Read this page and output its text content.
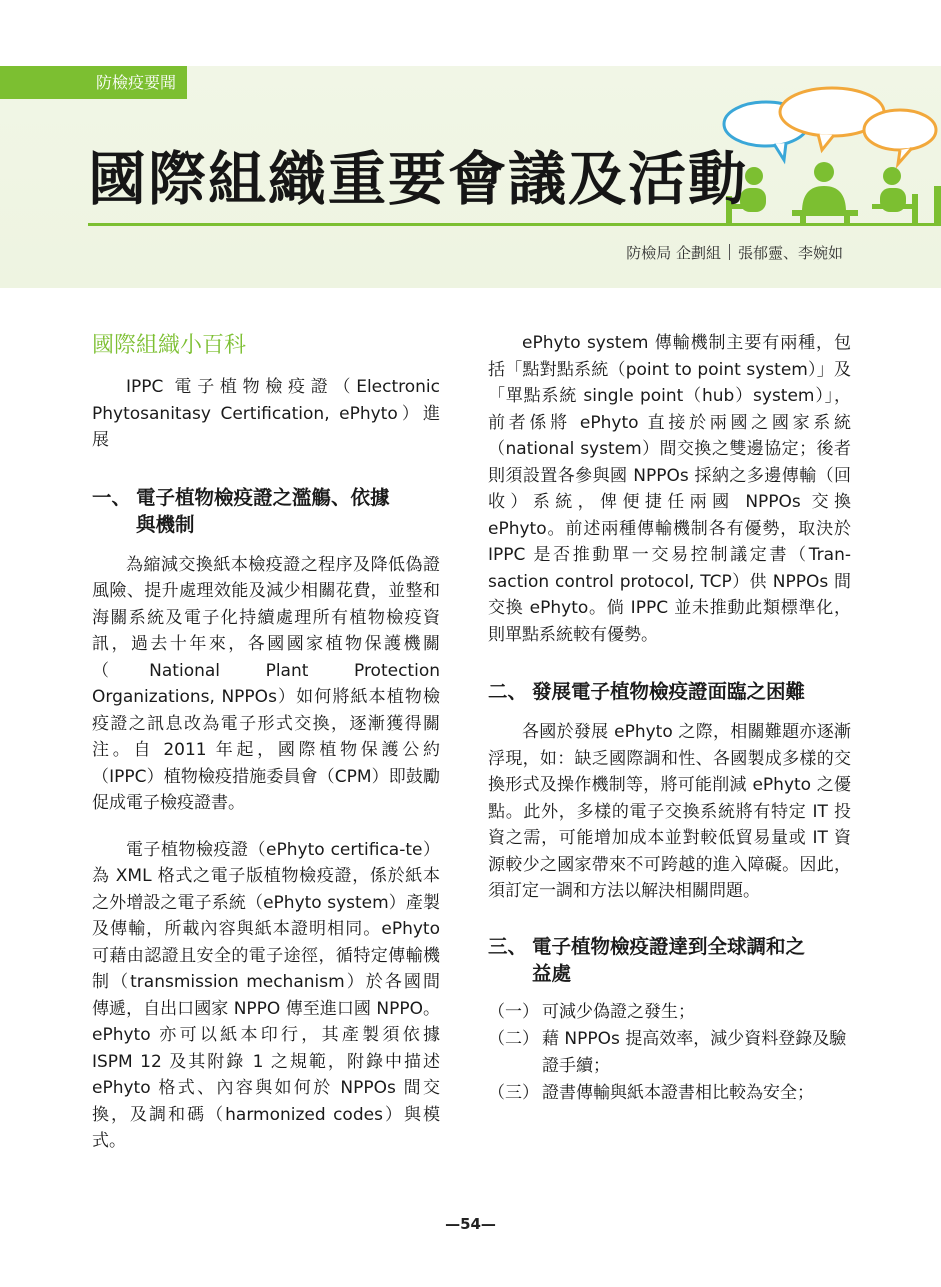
防檢疫要聞
國際組織重要會議及活動
防檢局 企劃組 張郁靈、李婉如
國際組織小百科

IPPC 電子植物檢疫證（Electronic Phytosanitasy Certification, ePhyto）進展

一、 電子植物檢疫證之濫觴、依據
與機制

為縮減交換紙本檢疫證之程序及降低偽證風險、提升處理效能及減少相關花費，並整和海關系統及電子化持續處理所有植物檢疫資訊，過去十年來，各國國家植物保護機關（National Plant Protection Organizations, NPPOs）如何將紙本植物檢疫證之訊息改為電子形式交換，逐漸獲得關注。自 2011 年起，國際植物保護公約（IPPC）植物檢疫措施委員會（CPM）即鼓勵促成電子檢疫證書。

電子植物檢疫證（ePhyto certifica-te）為 XML 格式之電子版植物檢疫證，係於紙本之外增設之電子系統（ePhyto system）產製及傳輸，所載內容與紙本證明相同。ePhyto 可藉由認證且安全的電子途徑，循特定傳輸機制（transmission mechanism）於各國間傳遞，自出口國家 NPPO 傳至進口國 NPPO。ePhyto 亦可以紙本印行，其產製須依據 ISPM 12 及其附錄 1 之規範，附錄中描述 ePhyto 格式、內容與如何於 NPPOs 間交換，及調和碼（harmonized codes）與模式。

ePhyto system 傳輸機制主要有兩種，包括「點對點系統（point to point system）」及「單點系統 single point（hub）system）」，前者係將 ePhyto 直接於兩國之國家系統（national system）間交換之雙邊協定；後者則須設置各參與國 NPPOs 採納之多邊傳輸（回收）系統，俾便捷任兩國 NPPOs 交換 ePhyto。前述兩種傳輸機制各有優勢，取決於 IPPC 是否推動單一交易控制議定書（Tran-saction control protocol, TCP）供 NPPOs 間交換 ePhyto。倘 IPPC 並未推動此類標準化，則單點系統較有優勢。

二、 發展電子植物檢疫證面臨之困難

各國於發展 ePhyto 之際，相關難題亦逐漸浮現，如：缺乏國際調和性、各國製成多樣的交換形式及操作機制等，將可能削減 ePhyto 之優點。此外，多樣的電子交換系統將有特定 IT 投資之需，可能增加成本並對較低貿易量或 IT 資源較少之國家帶來不可跨越的進入障礙。因此，須訂定一調和方法以解決相關問題。

三、 電子植物檢疫證達到全球調和之
益處
（一） 可減少偽證之發生；
（二） 藉 NPPOs 提高效率，減少資料登錄及驗證手續；
（三） 證書傳輸與紙本證書相比較為安全；
—54—
